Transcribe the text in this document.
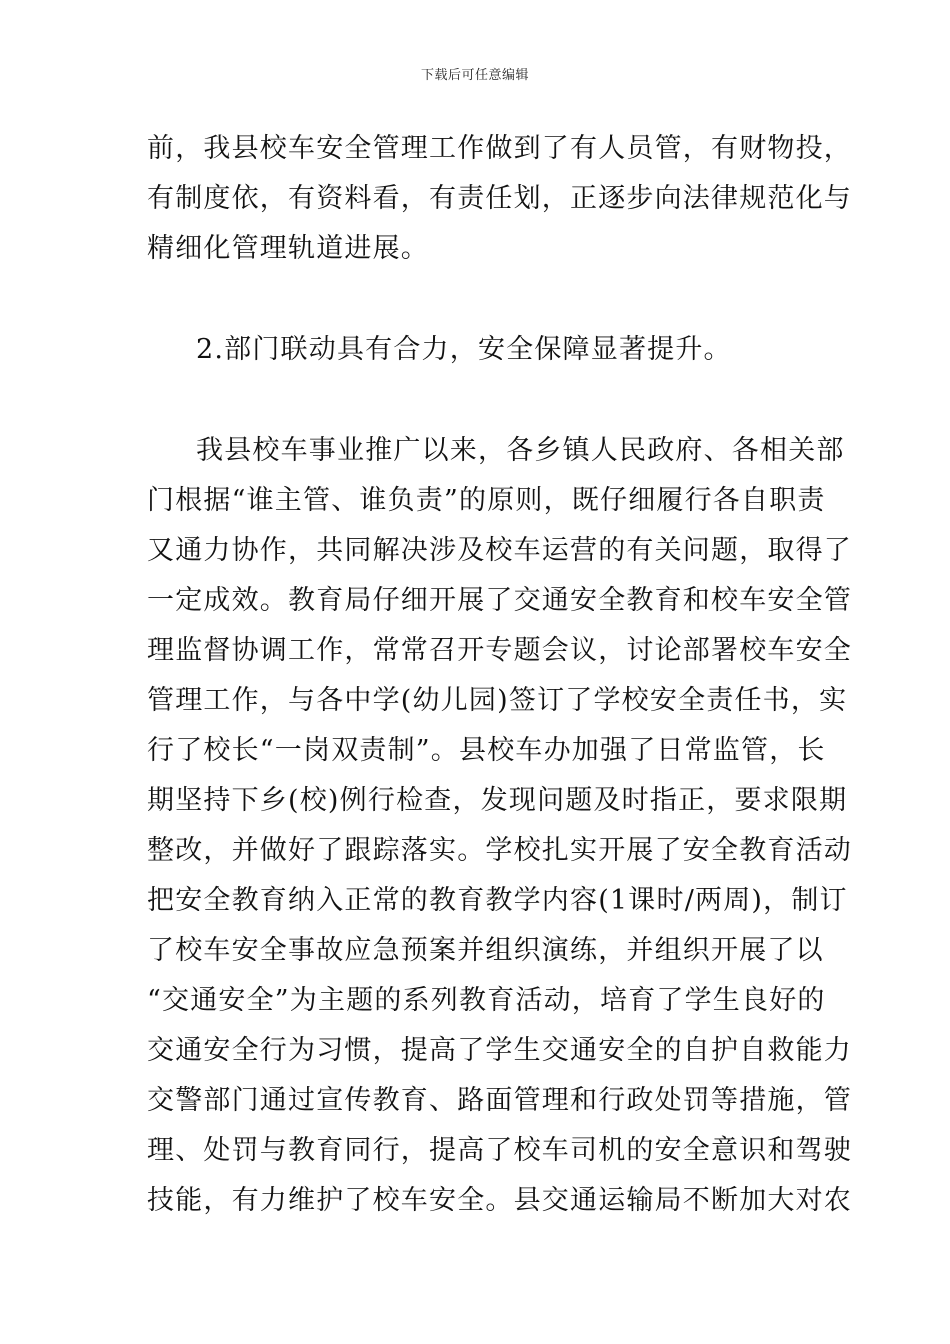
下载后可任意编辑
前，我县校车安全管理工作做到了有人员管，有财物投，
有制度依，有资料看，有责任划，正逐步向法律规范化与
精细化管理轨道进展。
2.部门联动具有合力，安全保障显著提升。
我县校车事业推广以来，各乡镇人民政府、各相关部
门根据“谁主管、谁负责”的原则，既仔细履行各自职责
又通力协作，共同解决涉及校车运营的有关问题，取得了
一定成效。教育局仔细开展了交通安全教育和校车安全管
理监督协调工作，常常召开专题会议，讨论部署校车安全
管理工作，与各中学(幼儿园)签订了学校安全责任书，实
行了校长“一岗双责制”。县校车办加强了日常监管，长
期坚持下乡(校)例行检查，发现问题及时指正，要求限期
整改，并做好了跟踪落实。学校扎实开展了安全教育活动
把安全教育纳入正常的教育教学内容(1课时/两周)，制订
了校车安全事故应急预案并组织演练，并组织开展了以
“交通安全”为主题的系列教育活动，培育了学生良好的
交通安全行为习惯，提高了学生交通安全的自护自救能力
交警部门通过宣传教育、路面管理和行政处罚等措施，管
理、处罚与教育同行，提高了校车司机的安全意识和驾驶
技能，有力维护了校车安全。县交通运输局不断加大对农
